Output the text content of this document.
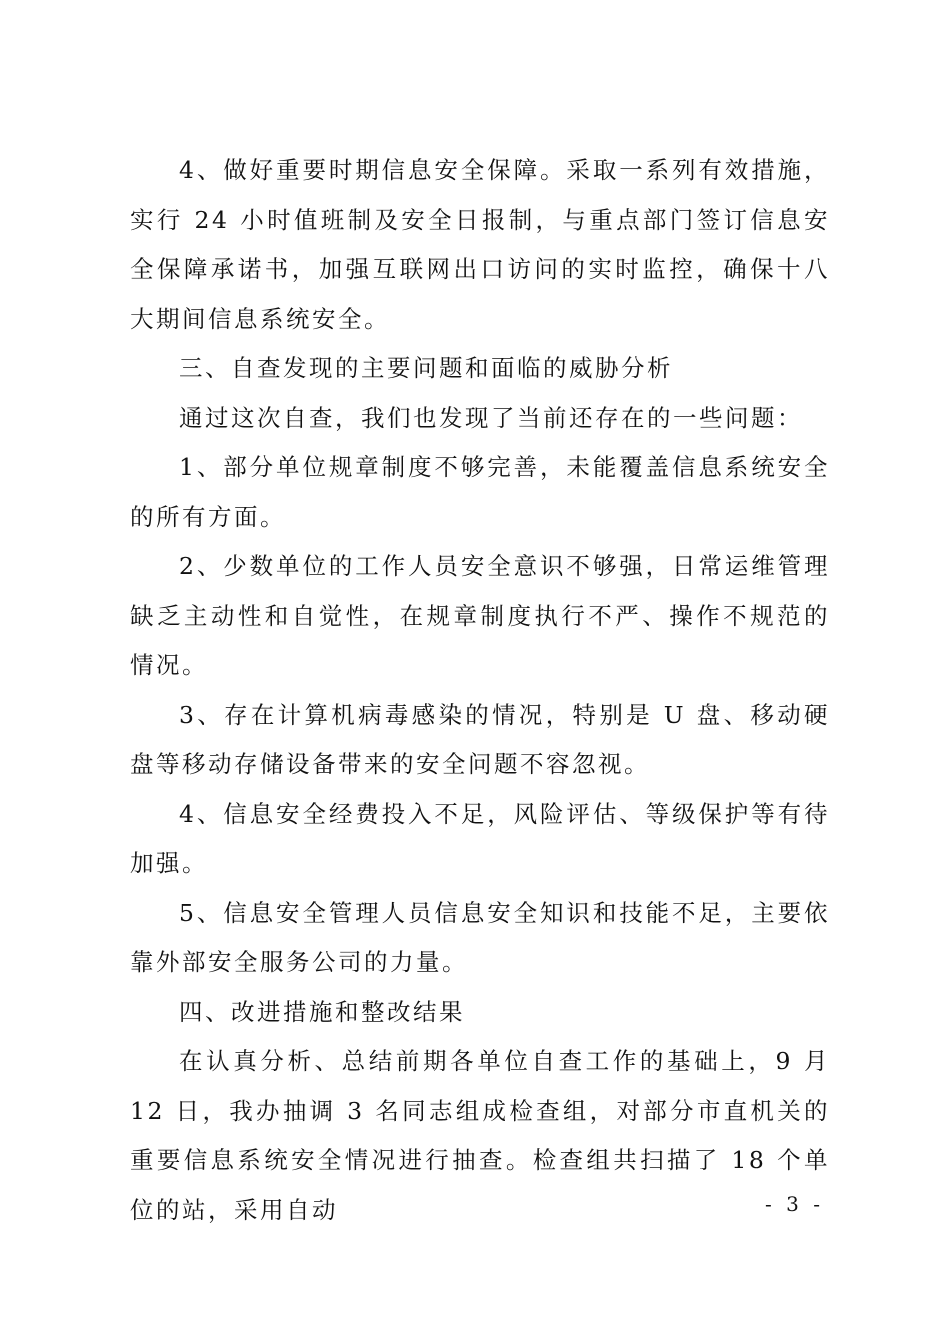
4、做好重要时期信息安全保障。采取一系列有效措施，实行 24 小时值班制及安全日报制，与重点部门签订信息安全保障承诺书，加强互联网出口访问的实时监控，确保十八大期间信息系统安全。

三、自查发现的主要问题和面临的威胁分析

通过这次自查，我们也发现了当前还存在的一些问题：

1、部分单位规章制度不够完善，未能覆盖信息系统安全的所有方面。

2、少数单位的工作人员安全意识不够强，日常运维管理缺乏主动性和自觉性，在规章制度执行不严、操作不规范的情况。

3、存在计算机病毒感染的情况，特别是 U 盘、移动硬盘等移动存储设备带来的安全问题不容忽视。

4、信息安全经费投入不足，风险评估、等级保护等有待加强。

5、信息安全管理人员信息安全知识和技能不足，主要依靠外部安全服务公司的力量。

四、改进措施和整改结果

在认真分析、总结前期各单位自查工作的基础上，9 月 12 日，我办抽调 3 名同志组成检查组，对部分市直机关的重要信息系统安全情况进行抽查。检查组共扫描了 18 个单位的站，采用自动	- 3 -
